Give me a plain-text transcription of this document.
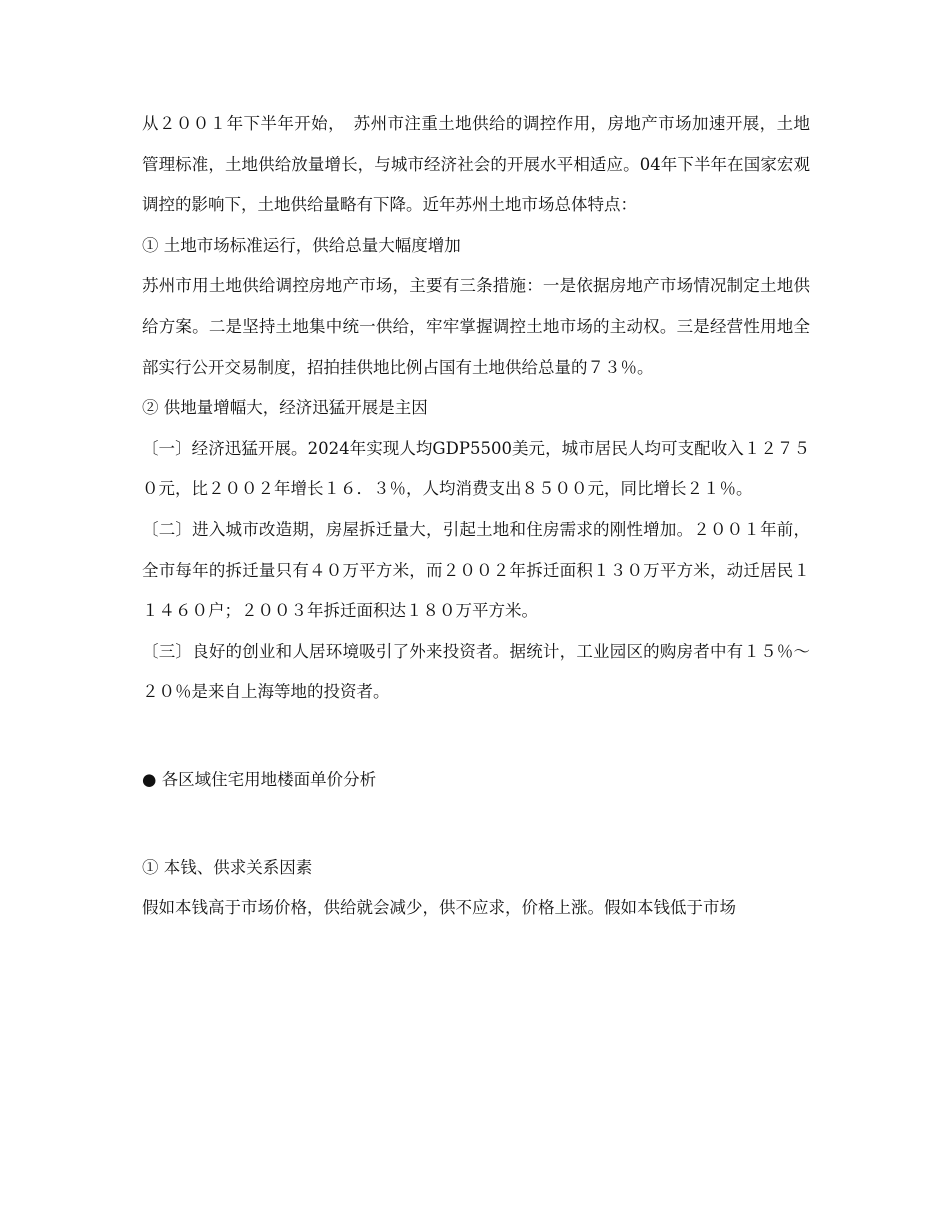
从２００１年下半年开始，　苏州市注重土地供给的调控作用，房地产市场加速开展，土地管理标准，土地供给放量增长，与城市经济社会的开展水平相适应。04年下半年在国家宏观调控的影响下，土地供给量略有下降。近年苏州土地市场总体特点：

① 土地市场标准运行，供给总量大幅度增加

苏州市用土地供给调控房地产市场，主要有三条措施：一是依据房地产市场情况制定土地供给方案。二是坚持土地集中统一供给，牢牢掌握调控土地市场的主动权。三是经营性用地全部实行公开交易制度，招拍挂供地比例占国有土地供给总量的７３％。

② 供地量增幅大，经济迅猛开展是主因

〔一〕经济迅猛开展。2024年实现人均GDP5500美元，城市居民人均可支配收入１２７５０元，比２００２年增长１６．３％，人均消费支出８５００元，同比增长２１％。

〔二〕进入城市改造期，房屋拆迁量大，引起土地和住房需求的刚性增加。２００１年前，全市每年的拆迁量只有４０万平方米，而２００２年拆迁面积１３０万平方米，动迁居民１１４６０户；２００３年拆迁面积达１８０万平方米。

〔三〕良好的创业和人居环境吸引了外来投资者。据统计，工业园区的购房者中有１５％～２０％是来自上海等地的投资者。

● 各区域住宅用地楼面单价分析

① 本钱、供求关系因素

假如本钱高于市场价格，供给就会减少，供不应求，价格上涨。假如本钱低于市场
